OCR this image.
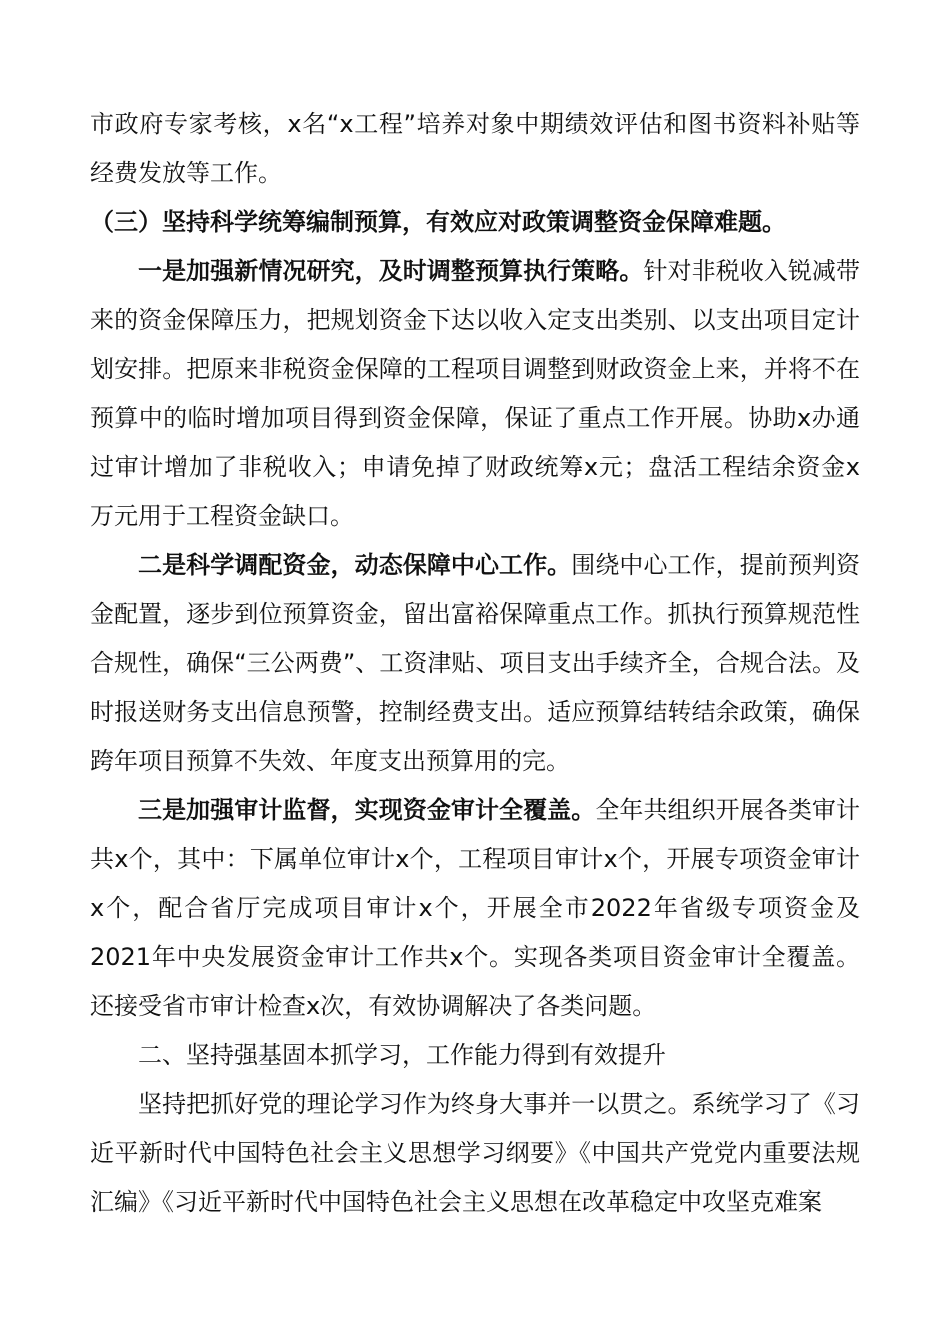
市政府专家考核，x名“x工程”培养对象中期绩效评估和图书资料补贴等经费发放等工作。

（三）坚持科学统筹编制预算，有效应对政策调整资金保障难题。

一是加强新情况研究，及时调整预算执行策略。针对非税收入锐减带来的资金保障压力，把规划资金下达以收入定支出类别、以支出项目定计划安排。把原来非税资金保障的工程项目调整到财政资金上来，并将不在预算中的临时增加项目得到资金保障，保证了重点工作开展。协助x办通过审计增加了非税收入；申请免掉了财政统筹x元；盘活工程结余资金x万元用于工程资金缺口。

二是科学调配资金，动态保障中心工作。围绕中心工作，提前预判资金配置，逐步到位预算资金，留出富裕保障重点工作。抓执行预算规范性合规性，确保“三公两费”、工资津贴、项目支出手续齐全，合规合法。及时报送财务支出信息预警，控制经费支出。适应预算结转结余政策，确保跨年项目预算不失效、年度支出预算用的完。

三是加强审计监督，实现资金审计全覆盖。全年共组织开展各类审计共x个，其中：下属单位审计x个，工程项目审计x个，开展专项资金审计x个，配合省厅完成项目审计x个，开展全市2022年省级专项资金及2021年中央发展资金审计工作共x个。实现各类项目资金审计全覆盖。还接受省市审计检查x次，有效协调解决了各类问题。

二、坚持强基固本抓学习，工作能力得到有效提升

坚持把抓好党的理论学习作为终身大事并一以贯之。系统学习了《习近平新时代中国特色社会主义思想学习纲要》《中国共产党党内重要法规汇编》《习近平新时代中国特色社会主义思想在改革稳定中攻坚克难案
